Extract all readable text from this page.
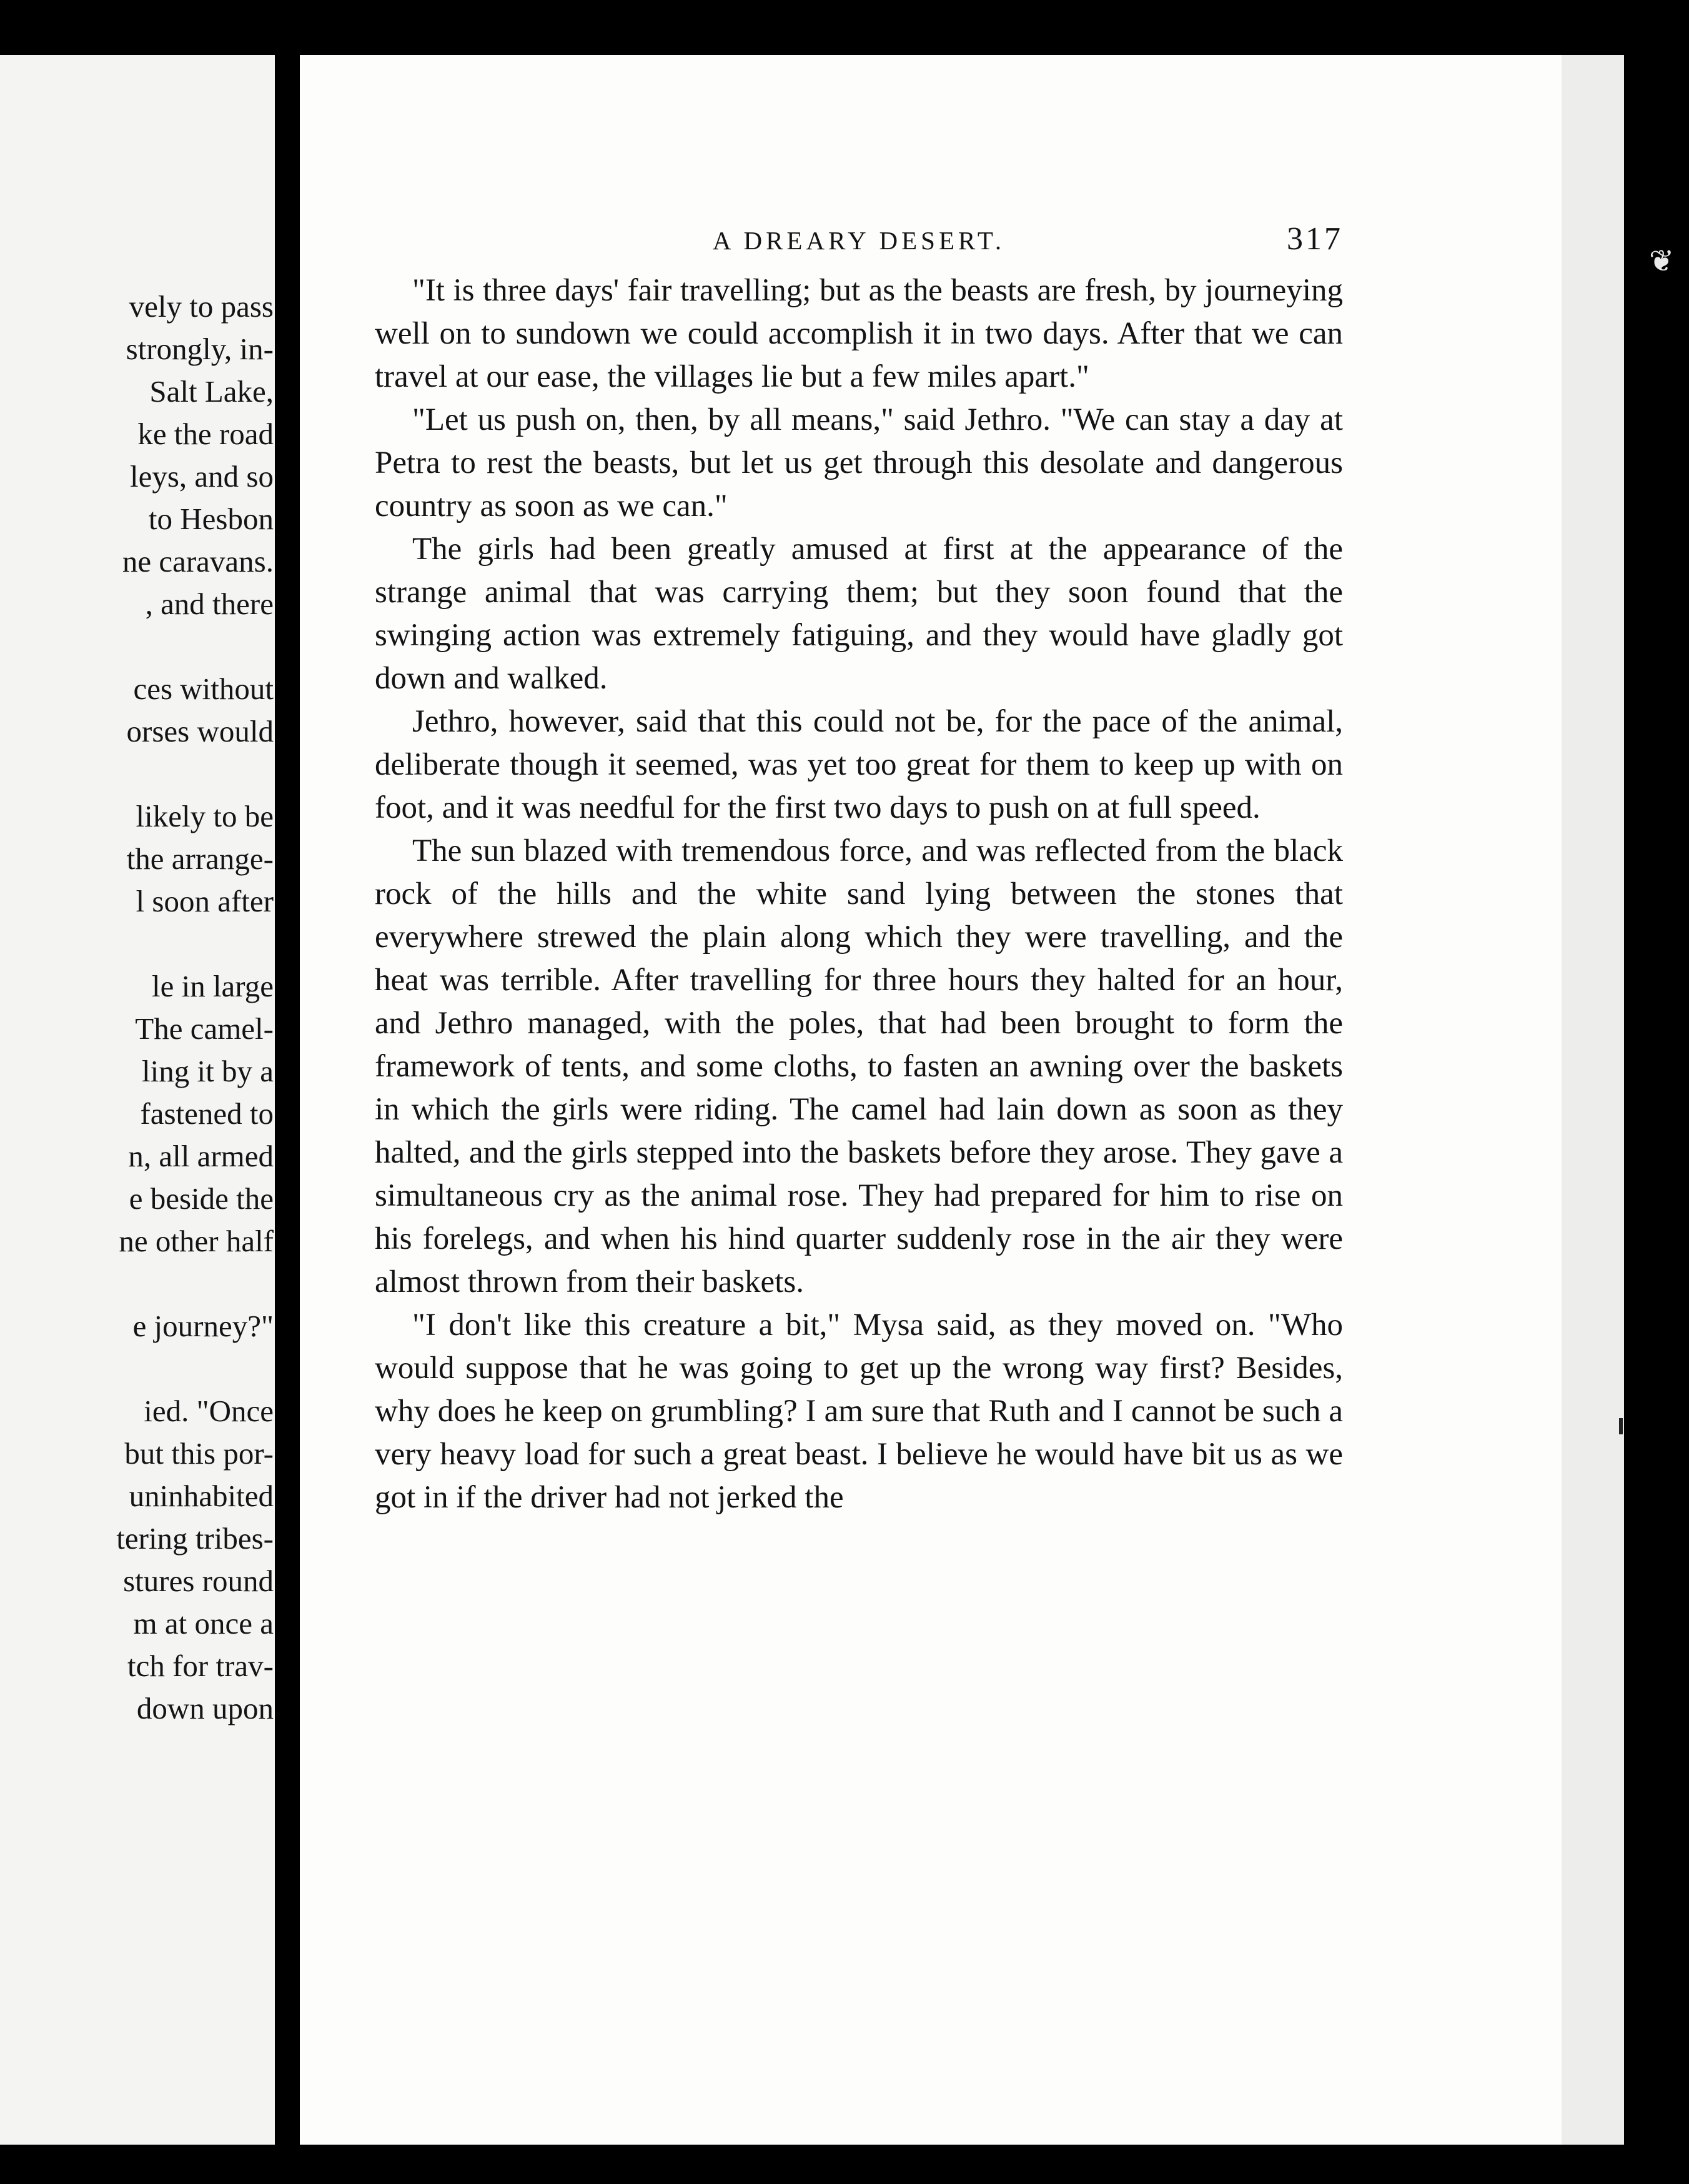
vely to pass
strongly, in-
Salt Lake,
ke the road
leys, and so
to Hesbon
ne caravans.
, and there
ces without
orses would
likely to be
the arrange-
l soon after
le in large
The camel-
ling it by a
fastened to
n, all armed
e beside the
ne other half
e journey?"
ied. "Once
but this por-
uninhabited
tering tribes-
stures round
m at once a
tch for trav-
down upon
A DREARY DESERT.	317

"It is three days' fair travelling; but as the beasts are fresh, by journeying well on to sundown we could accomplish it in two days. After that we can travel at our ease, the villages lie but a few miles apart."

"Let us push on, then, by all means," said Jethro. "We can stay a day at Petra to rest the beasts, but let us get through this desolate and dangerous country as soon as we can."

The girls had been greatly amused at first at the appearance of the strange animal that was carrying them; but they soon found that the swinging action was extremely fatiguing, and they would have gladly got down and walked.

Jethro, however, said that this could not be, for the pace of the animal, deliberate though it seemed, was yet too great for them to keep up with on foot, and it was needful for the first two days to push on at full speed.

The sun blazed with tremendous force, and was reflected from the black rock of the hills and the white sand lying between the stones that everywhere strewed the plain along which they were travelling, and the heat was terrible. After travelling for three hours they halted for an hour, and Jethro managed, with the poles, that had been brought to form the framework of tents, and some cloths, to fasten an awning over the baskets in which the girls were riding. The camel had lain down as soon as they halted, and the girls stepped into the baskets before they arose. They gave a simultaneous cry as the animal rose. They had prepared for him to rise on his forelegs, and when his hind quarter suddenly rose in the air they were almost thrown from their baskets.

"I don't like this creature a bit," Mysa said, as they moved on. "Who would suppose that he was going to get up the wrong way first? Besides, why does he keep on grumbling? I am sure that Ruth and I cannot be such a very heavy load for such a great beast. I believe he would have bit us as we got in if the driver had not jerked the

❦
